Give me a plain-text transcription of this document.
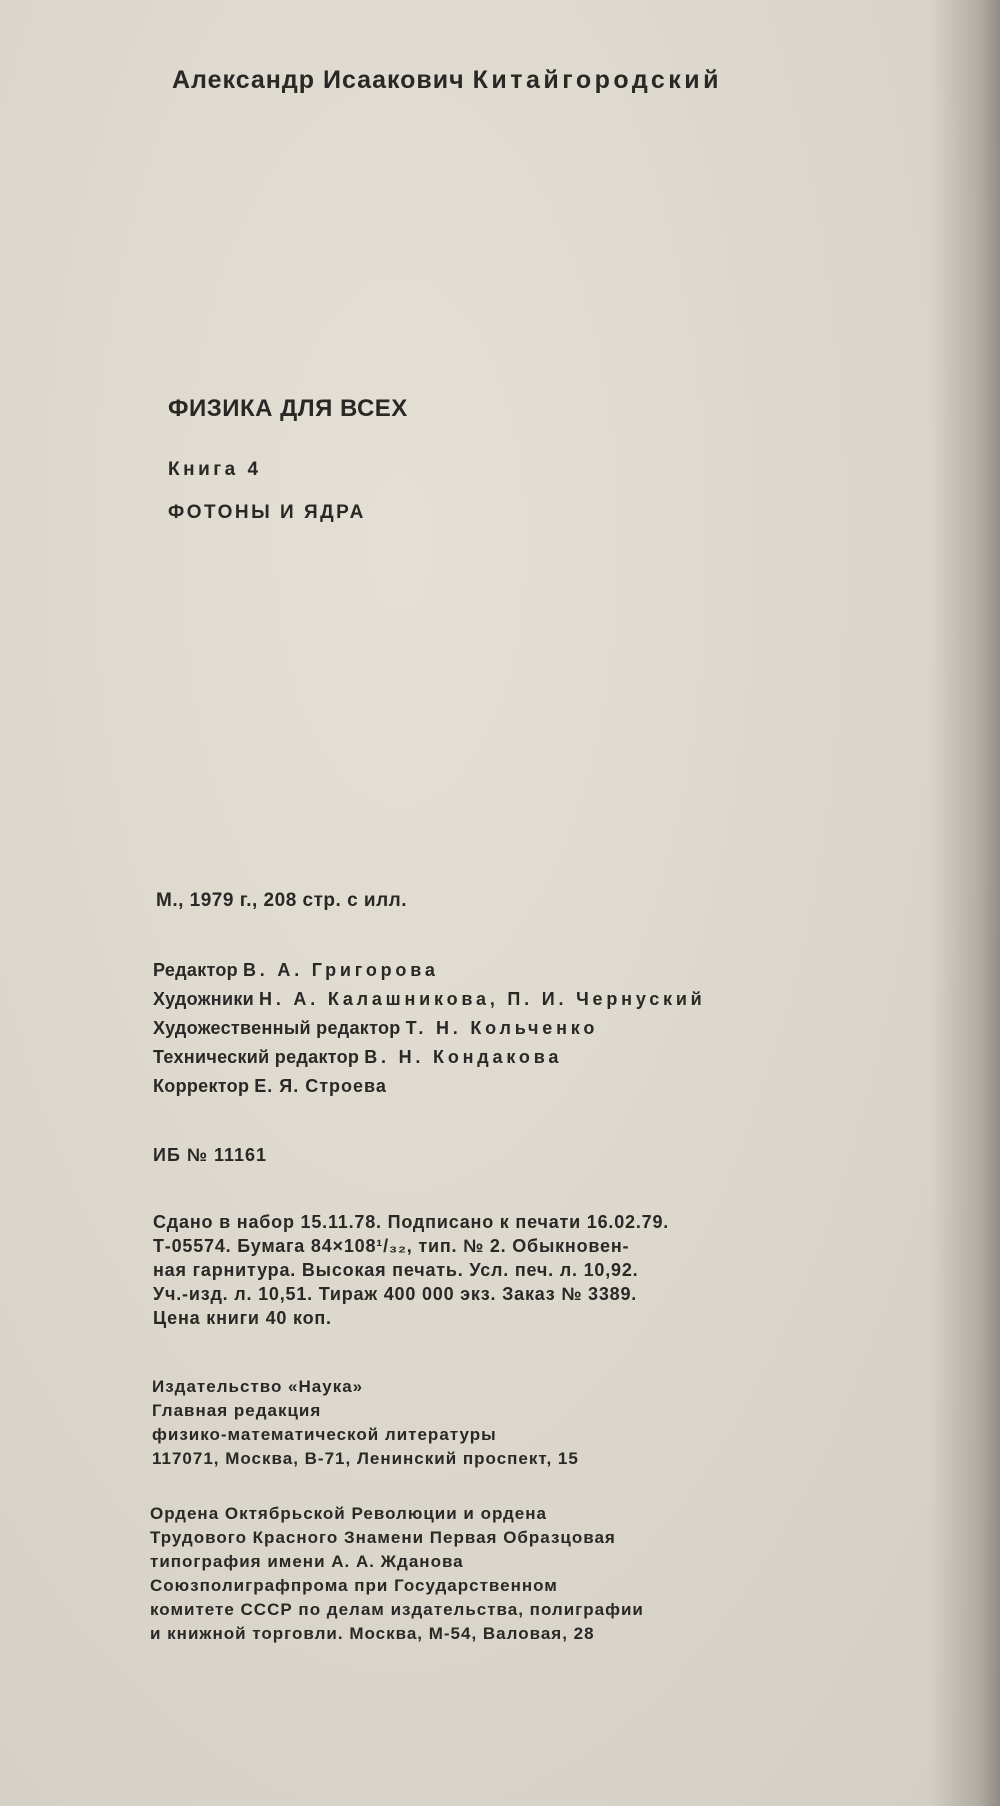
Александр Исаакович Китайгородский
ФИЗИКА ДЛЯ ВСЕХ
Книга 4
ФОТОНЫ И ЯДРА
М., 1979 г., 208 стр. с илл.
Редактор В. А. Григорова
Художники Н. А. Калашникова, П. И. Чернуский
Художественный редактор Т. Н. Кольченко
Технический редактор В. Н. Кондакова
Корректор Е. Я. Строева
ИБ № 11161
Сдано в набор 15.11.78. Подписано к печати 16.02.79.
Т-05574. Бумага 84×108¹/₃₂, тип. № 2. Обыкновен-
ная гарнитура. Высокая печать. Усл. печ. л. 10,92.
Уч.-изд. л. 10,51. Тираж 400 000 экз. Заказ № 3389.
Цена книги 40 коп.
Издательство «Наука»
Главная редакция
физико-математической литературы
117071, Москва, В-71, Ленинский проспект, 15
Ордена Октябрьской Революции и ордена
Трудового Красного Знамени Первая Образцовая
типография имени А. А. Жданова
Союзполиграфпрома при Государственном
комитете СССР по делам издательства, полиграфии
и книжной торговли. Москва, М-54, Валовая, 28
